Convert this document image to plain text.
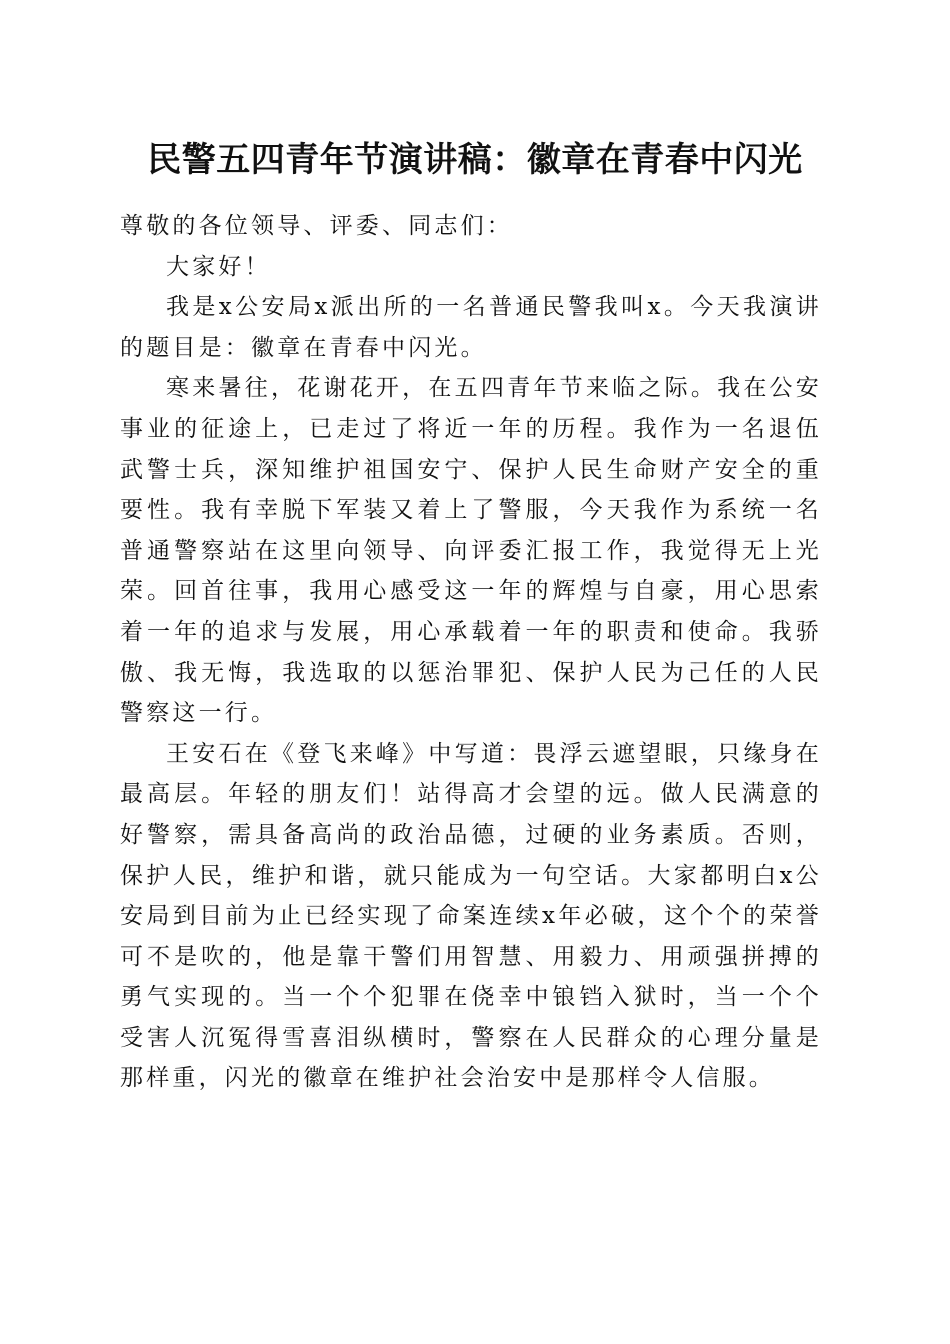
民警五四青年节演讲稿：徽章在青春中闪光

尊敬的各位领导、评委、同志们：

大家好！

我是x公安局x派出所的一名普通民警我叫x。今天我演讲的题目是：徽章在青春中闪光。

寒来暑往，花谢花开，在五四青年节来临之际。我在公安事业的征途上，已走过了将近一年的历程。我作为一名退伍武警士兵，深知维护祖国安宁、保护人民生命财产安全的重要性。我有幸脱下军装又着上了警服，今天我作为系统一名普通警察站在这里向领导、向评委汇报工作，我觉得无上光荣。回首往事，我用心感受这一年的辉煌与自豪，用心思索着一年的追求与发展，用心承载着一年的职责和使命。我骄傲、我无悔，我选取的以惩治罪犯、保护人民为己任的人民警察这一行。

王安石在《登飞来峰》中写道：畏浮云遮望眼，只缘身在最高层。年轻的朋友们！站得高才会望的远。做人民满意的好警察，需具备高尚的政治品德，过硬的业务素质。否则，保护人民，维护和谐，就只能成为一句空话。大家都明白x公安局到目前为止已经实现了命案连续x年必破，这个个的荣誉可不是吹的，他是靠干警们用智慧、用毅力、用顽强拼搏的勇气实现的。当一个个犯罪在侥幸中锒铛入狱时，当一个个受害人沉冤得雪喜泪纵横时，警察在人民群众的心理分量是那样重，闪光的徽章在维护社会治安中是那样令人信服。
